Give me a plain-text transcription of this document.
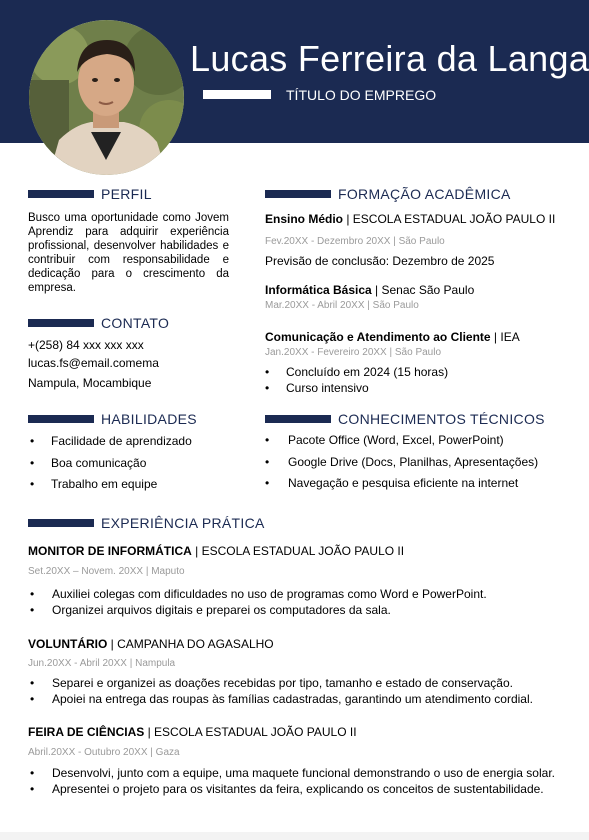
Lucas Ferreira da Langa
TÍTULO DO EMPREGO
PERFIL
Busco uma oportunidade como Jovem Aprendiz para adquirir experiência profissional, desenvolver habilidades e contribuir com responsabilidade e dedicação para o crescimento da empresa.
CONTATO
+(258) 84 xxx xxx xxx
lucas.fs@email.comema
Nampula, Mocambique
HABILIDADES
• Facilidade de aprendizado
• Boa comunicação
• Trabalho em equipe
FORMAÇÃO ACADÊMICA
Ensino Médio | ESCOLA ESTADUAL JOÃO PAULO II
Fev.20XX - Dezembro 20XX | São Paulo
Previsão de conclusão: Dezembro de 2025
Informática Básica | Senac São Paulo
Mar.20XX - Abril 20XX | São Paulo
Comunicação e Atendimento ao Cliente | IEA
Jan.20XX - Fevereiro 20XX | São Paulo
• Concluído em 2024 (15 horas)
• Curso intensivo
CONHECIMENTOS TÉCNICOS
• Pacote Office (Word, Excel, PowerPoint)
• Google Drive (Docs, Planilhas, Apresentações)
• Navegação e pesquisa eficiente na internet
EXPERIÊNCIA PRÁTICA
MONITOR DE INFORMÁTICA | ESCOLA ESTADUAL JOÃO PAULO II
Set.20XX – Novem. 20XX | Maputo
• Auxiliei colegas com dificuldades no uso de programas como Word e PowerPoint.
• Organizei arquivos digitais e preparei os computadores da sala.
VOLUNTÁRIO | CAMPANHA DO AGASALHO
Jun.20XX - Abril 20XX | Nampula
• Separei e organizei as doações recebidas por tipo, tamanho e estado de conservação.
• Apoiei na entrega das roupas às famílias cadastradas, garantindo um atendimento cordial.
FEIRA DE CIÊNCIAS | ESCOLA ESTADUAL JOÃO PAULO II
Abril.20XX - Outubro 20XX | Gaza
• Desenvolvi, junto com a equipe, uma maquete funcional demonstrando o uso de energia solar.
• Apresentei o projeto para os visitantes da feira, explicando os conceitos de sustentabilidade.
